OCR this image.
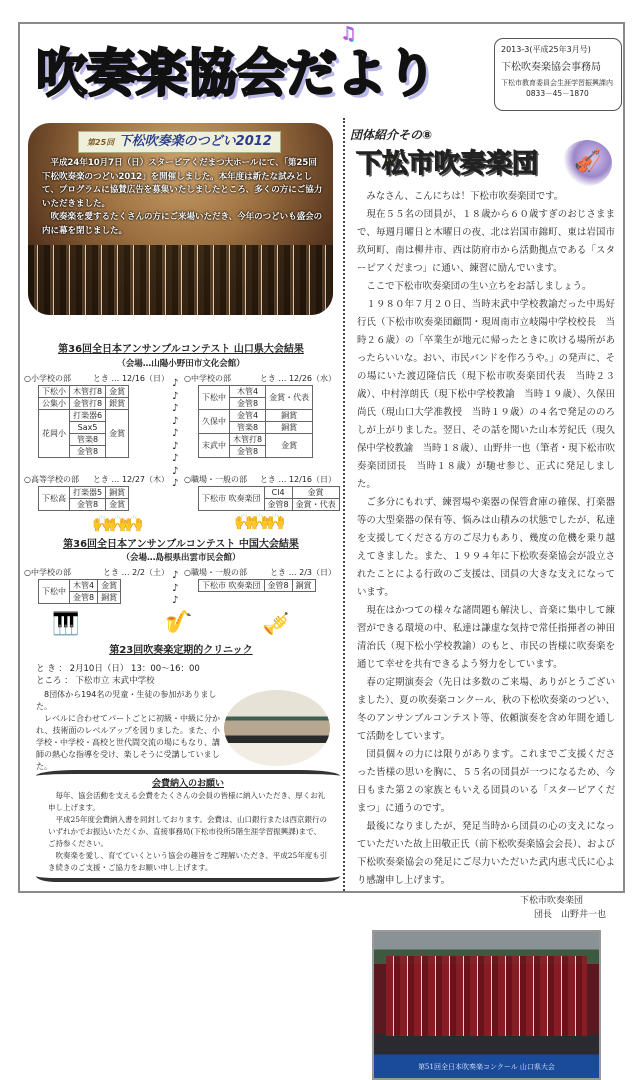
吹奏楽協会だより
♫
2013-3(平成25年3月号)
下松吹奏楽協会事務局
下松市教育委員会生涯学習振興課内
0833－45－1870
第25回 下松吹奏楽のつどい2012

平成24年10月7日（日）スターピアくだまつ大ホールにて、「第25回下松吹奏楽のつどい2012」を開催しました。本年度は新たな試みとして、プログラムに協賛広告を募集いたしましたところ、多くの方にご協力いただきました。

吹奏楽を愛するたくさんの方にご来場いただき、今年のつどいも盛会の内に幕を閉じました。

第36回全日本アンサンブルコンテスト 山口県大会結果
（会場…山陽小野田市文化会館）
○小学校の部	とき … 12/16（日）
下松小	木管打8	金賞
公集小	金管打8	銀賞
花岡小	打楽器6	金賞
	Sax5	
	管楽8	
	金管8	
○中学校の部	とき … 12/26（水）
下松中	木管4	金賞・代表
	金管8	
久保中	金管4	銅賞
	管楽8	銅賞
末武中	木管打8	金賞
	金管8	
○高等学校の部 とき … 12/27（木）
下松高	打楽器5	銅賞
	金管8	金賞
○職場・一般の部 とき … 12/16（日）
下松市 吹奏楽団	Cl4	金賞
	金管8	金賞・代表
♪
♪
♪
♪
♪
♪
♪
♪
♪
🙌🙌🙌	🙌🙌🙌
第36回全日本アンサンブルコンテスト 中国大会結果
（会場…島根県出雲市民会館）
○中学校の部	とき … 2/2（土）
下松中	木管4	金賞
	金管8	銅賞
○職場・一般の部	とき … 2/3（日）
下松市 吹奏楽団	金管8	銅賞
♪
♪
♪
🎹	🎷	🎺
第23回吹奏楽定期的クリニック
と き ： 2月10日（日） 13：00～16：00
ところ ： 下松市立 末武中学校

8団体から194名の児童・生徒の参加がありました。

レベルに合わせてパートごとに初級・中級に分かれ、技術面のレベルアップを図りました。また、小学校・中学校・高校と世代間交流の場にもなり、講師の熱心な指導を受け、楽しそうに受講していました。

会費納入のお願い

毎年、協会活動を支える会費をたくさんの会員の皆様に納入いただき、厚くお礼申し上げます。

平成25年度会費納入書を同封しております。会費は、山口銀行または西京銀行のいずれかでお振込いただくか、直接事務局(下松市役所5階生涯学習振興課)まで、ご持参ください。

吹奏楽を愛し、育てていくという協会の趣旨をご理解いただき、平成25年度も引き続きのご支援・ご協力をお願い申し上げます。

団体紹介その⑧
🎻
下松市吹奏楽団

みなさん、こんにちは！下松市吹奏楽団です。

現在５５名の団員が、１８歳から６０歳すぎのおじさままで、毎週月曜日と木曜日の夜、北は岩国市錦町、東は岩国市玖珂町、南は柳井市、西は防府市から活動拠点である「スターピアくだまつ」に通い、練習に励んでいます。

ここで下松市吹奏楽団の生い立ちをお話しましょう。

１９８０年７月２０日、当時末武中学校教諭だった中馬好行氏（下松市吹奏楽団顧問・現周南市立岐陽中学校校長　当時２６歳）の「卒業生が地元に帰ったときに吹ける場所があったらいいな。おい、市民バンドを作ろうや。」の発声に、その場にいた渡辺隆信氏（現下松市吹奏楽団代表　当時２３歳）、中村淳朗氏（現下松中学校教諭　当時１９歳）、久保田尚氏（現山口大学准教授　当時１９歳）の４名で発足ののろしが上がりました。翌日、その話を聞いた山本芳紀氏（現久保中学校教諭　当時１８歳）、山野井一也（筆者・現下松市吹奏楽団団長　当時１８歳）が馳せ参じ、正式に発足しました。

ご多分にもれず、練習場や楽器の保管倉庫の確保、打楽器等の大型楽器の保有等、悩みは山積みの状態でしたが、私達を支援してくださる方のご尽力もあり、幾度の危機を乗り越えてきました。また、１９９４年に下松吹奏楽協会が設立されたことによる行政のご支援は、団員の大きな支えになっています。

現在はかつての様々な諸問題も解決し、音楽に集中して練習ができる環境の中、私達は謙虚な気持で常任指揮者の神田清治氏（現下松小学校教諭）のもと、市民の皆様に吹奏楽を通じて幸せを共有できるよう努力をしています。

春の定期演奏会（先日は多数のご来場、ありがとうございました）、夏の吹奏楽コンクール、秋の下松吹奏楽のつどい、冬のアンサンブルコンテスト等、依頼演奏を含め年間を通して活動をしています。

団員個々の力には限りがあります。これまでご支援くださった皆様の思いを胸に、５５名の団員が一つになるため、今日もまた第２の家族ともいえる団員のいる「スターピアくだまつ」に通うのです。

最後になりましたが、発足当時から団員の心の支えになっていただいた故上田敬正氏（前下松吹奏楽協会会長）、および下松吹奏楽協会の発足にご尽力いただいた武内恵弌氏に心より感謝申し上げます。

下松市吹奏楽団
団長　山野井一也
第51回全日本吹奏楽コンクール 山口県大会
